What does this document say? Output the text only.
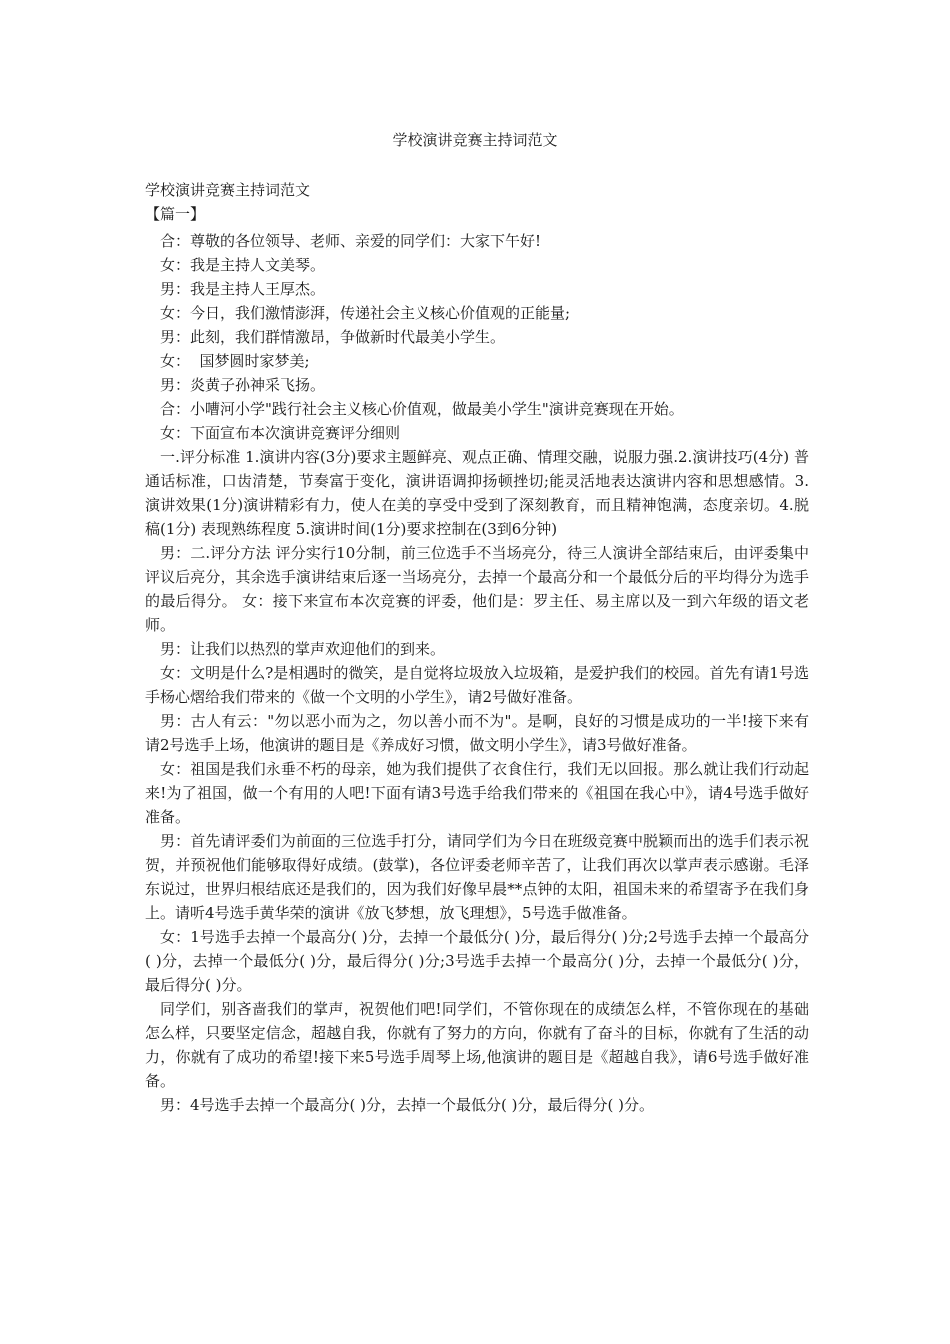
学校演讲竞赛主持词范文

学校演讲竞赛主持词范文

【篇一】

合：尊敬的各位领导、老师、亲爱的同学们：大家下午好!

女：我是主持人文美琴。

男：我是主持人王厚杰。

女：今日，我们激情澎湃，传递社会主义核心价值观的正能量;

男：此刻，我们群情激昂，争做新时代最美小学生。

女：  国梦圆时家梦美;

男：炎黄子孙神采飞扬。

合：小嘈河小学"践行社会主义核心价值观，做最美小学生"演讲竞赛现在开始。

女：下面宣布本次演讲竞赛评分细则

一.评分标准 1.演讲内容(3分)要求主题鲜亮、观点正确、情理交融，说服力强.2.演讲技巧(4分) 普通话标准，口齿清楚，节奏富于变化，演讲语调抑扬顿挫切;能灵活地表达演讲内容和思想感情。3.演讲效果(1分)演讲精彩有力，使人在美的享受中受到了深刻教育，而且精神饱满，态度亲切。4.脱稿(1分) 表现熟练程度 5.演讲时间(1分)要求控制在(3到6分钟)

男：二.评分方法 评分实行10分制，前三位选手不当场亮分，待三人演讲全部结束后，由评委集中评议后亮分，其余选手演讲结束后逐一当场亮分，去掉一个最高分和一个最低分后的平均得分为选手的最后得分。 女：接下来宣布本次竞赛的评委，他们是：罗主任、易主席以及一到六年级的语文老师。

男：让我们以热烈的掌声欢迎他们的到来。

女：文明是什么?是相遇时的微笑，是自觉将垃圾放入垃圾箱，是爱护我们的校园。首先有请1号选手杨心熠给我们带来的《做一个文明的小学生》，请2号做好准备。

男：古人有云："勿以恶小而为之，勿以善小而不为"。是啊，良好的习惯是成功的一半!接下来有请2号选手上场，他演讲的题目是《养成好习惯，做文明小学生》，请3号做好准备。

女：祖国是我们永垂不朽的母亲，她为我们提供了衣食住行，我们无以回报。那么就让我们行动起来!为了祖国，做一个有用的人吧!下面有请3号选手给我们带来的《祖国在我心中》，请4号选手做好准备。

男：首先请评委们为前面的三位选手打分，请同学们为今日在班级竞赛中脱颖而出的选手们表示祝贺，并预祝他们能够取得好成绩。(鼓掌)，各位评委老师辛苦了，让我们再次以掌声表示感谢。毛泽东说过，世界归根结底还是我们的，因为我们好像早晨**点钟的太阳，祖国未来的希望寄予在我们身上。请听4号选手黄华荣的演讲《放飞梦想，放飞理想》，5号选手做准备。

女：1号选手去掉一个最高分( )分，去掉一个最低分( )分，最后得分( )分;2号选手去掉一个最高分( )分，去掉一个最低分( )分，最后得分( )分;3号选手去掉一个最高分( )分，去掉一个最低分( )分，最后得分( )分。

同学们，别吝啬我们的掌声，祝贺他们吧!同学们，不管你现在的成绩怎么样，不管你现在的基础怎么样，只要坚定信念，超越自我，你就有了努力的方向，你就有了奋斗的目标，你就有了生活的动力，你就有了成功的希望!接下来5号选手周琴上场,他演讲的题目是《超越自我》，请6号选手做好准备。

男：4号选手去掉一个最高分( )分，去掉一个最低分( )分，最后得分( )分。
